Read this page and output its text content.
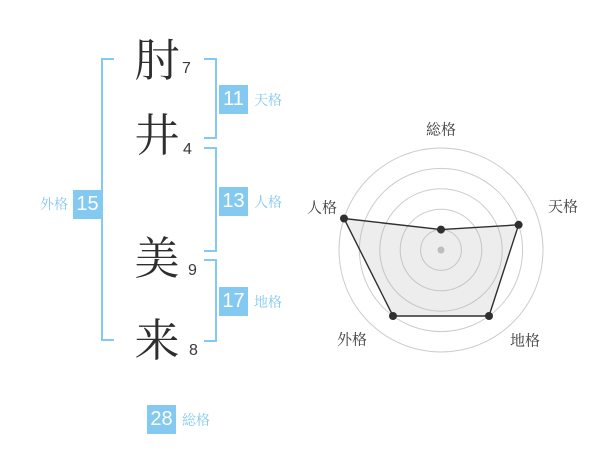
肘
井
美
来
7
4
9
8
11 天格
13 人格
17 地格
15
外格
28 総格
総格
天格
地格
外格
人格
